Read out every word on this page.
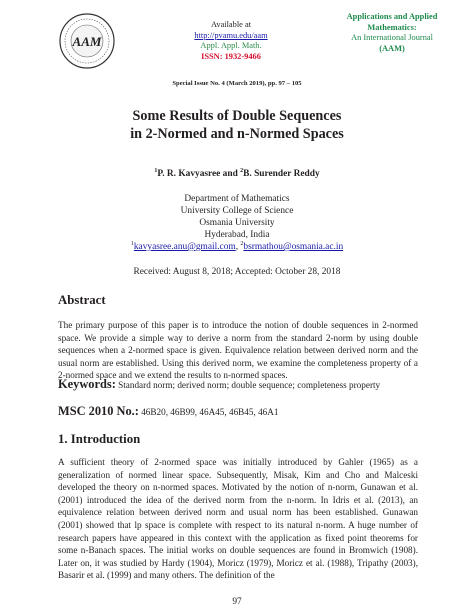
AAM
Available at
http://pvamu.edu/aam
Appl. Appl. Math.
ISSN: 1932-9466
Applications and Applied
Mathematics:
An International Journal
(AAM)
Special Issue No. 4 (March 2019), pp. 97 – 105
Some Results of Double Sequences
in 2-Normed and n-Normed Spaces
$^1$P. R. Kavyasree and $^2$B. Surender Reddy
Department of Mathematics
University College of Science
Osmania University
Hyderabad, India
$^1$kavyasree.anu@gmail.com, $^2$bsrmathou@osmania.ac.in
Received: August 8, 2018; Accepted: October 28, 2018
Abstract
The primary purpose of this paper is to introduce the notion of double sequences in 2-normed space. We provide a simple way to derive a norm from the standard 2-norm by using double sequences when a 2-normed space is given. Equivalence relation between derived norm and the usual norm are established. Using this derived norm, we examine the completeness property of a 2-normed space and we extend the results to n-normed spaces.
Keywords: Standard norm; derived norm; double sequence; completeness property
MSC 2010 No.: 46B20, 46B99, 46A45, 46B45, 46A1
1. Introduction
A sufficient theory of 2-normed space was initially introduced by Gahler (1965) as a generalization of normed linear space. Subsequently, Misak, Kim and Cho and Malceski developed the theory on n-normed spaces. Motivated by the notion of n-norm, Gunawan et al. (2001) introduced the idea of the derived norm from the n-norm. In Idris et al. (2013), an equivalence relation between derived norm and usual norm has been established. Gunawan (2001) showed that lp space is complete with respect to its natural n-norm. A huge number of research papers have appeared in this context with the application as fixed point theorems for some n-Banach spaces. The initial works on double sequences are found in Bromwich (1908). Later on, it was studied by Hardy (1904), Moricz (1979), Moricz et al. (1988), Tripathy (2003), Basarir et al. (1999) and many others. The definition of the
97
